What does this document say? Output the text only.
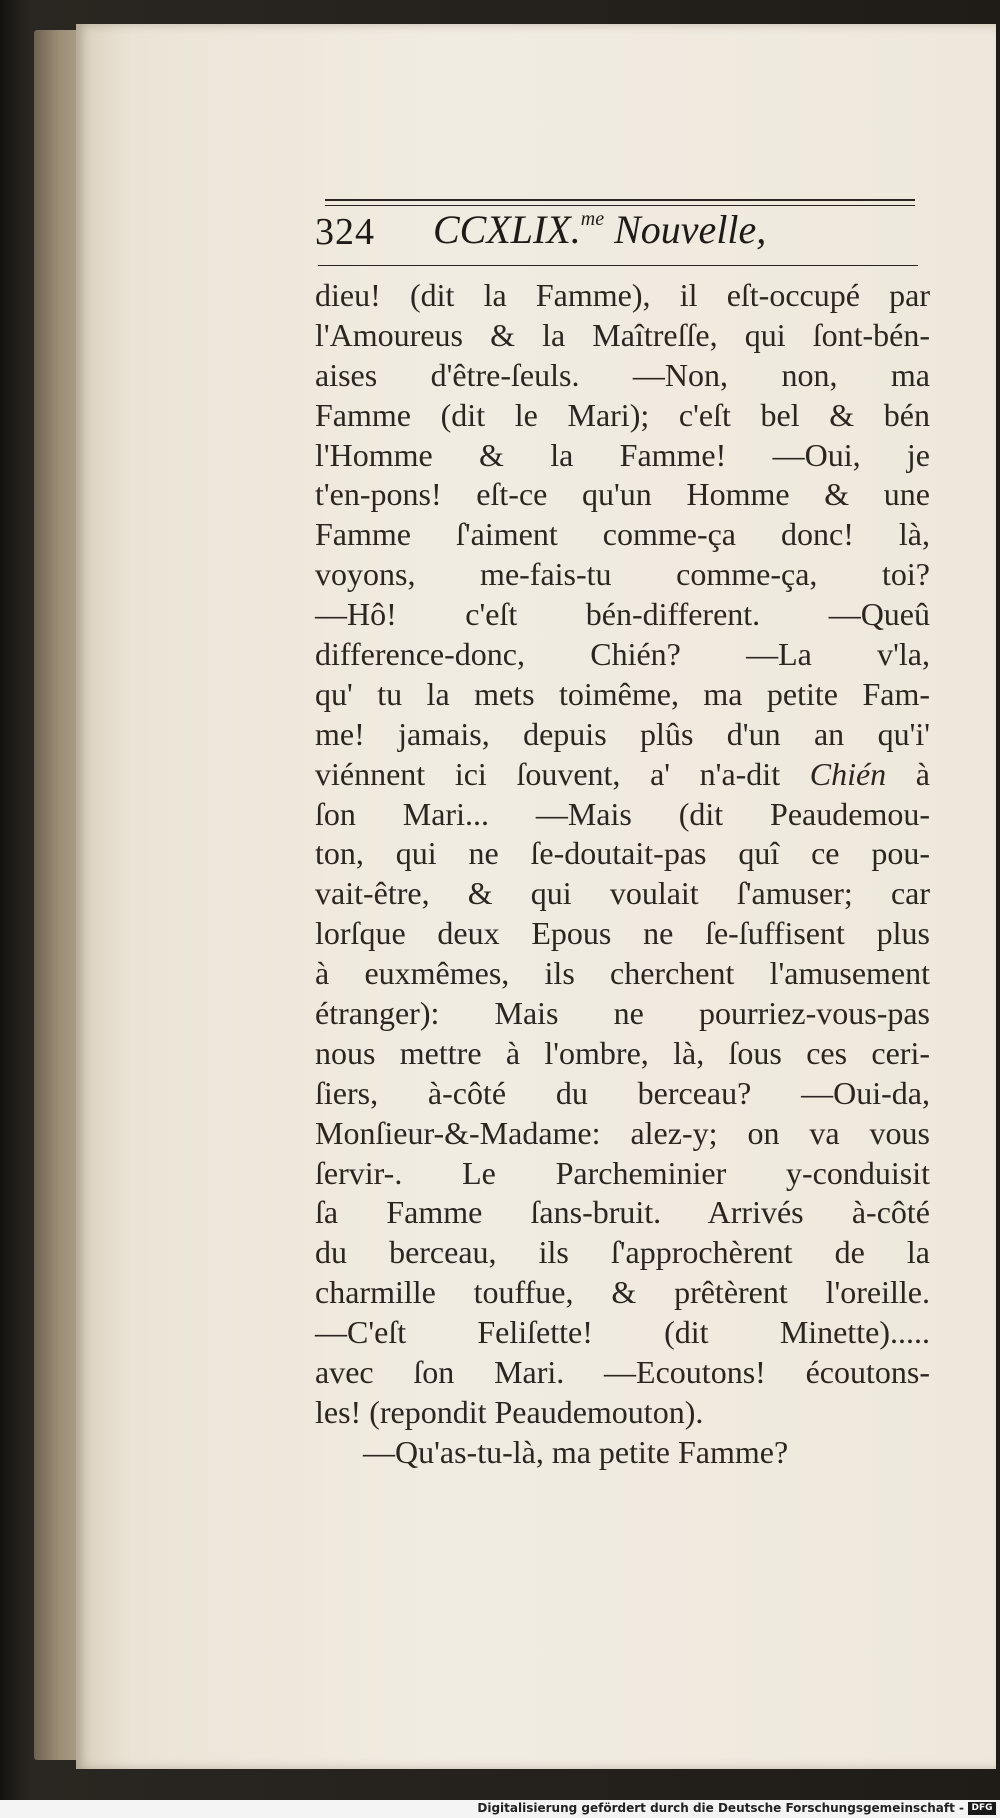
324 CCXLIX.$^{me}$ Nouvelle,
dieu! (dit la Famme), il eſt-occupé par
l'Amoureus & la Maîtreſſe, qui ſont-bén-
aises d'être-ſeuls. —Non, non, ma
Famme (dit le Mari); c'eſt bel & bén
l'Homme & la Famme! —Oui, je
t'en-pons! eſt-ce qu'un Homme & une
Famme ſ'aiment comme-ça donc! là,
voyons, me-fais-tu comme-ça, toi?
—Hô! c'eſt bén-different. —Queû
difference-donc, Chién? —La v'la,
qu' tu la mets toimême, ma petite Fam-
me! jamais, depuis plûs d'un an qu'i'
viénnent ici ſouvent, a' n'a-dit Chién à
ſon Mari... —Mais (dit Peaudemou-
ton, qui ne ſe-doutait-pas quî ce pou-
vait-être, & qui voulait ſ'amuser; car
lorſque deux Epous ne ſe-ſuffisent plus
à euxmêmes, ils cherchent l'amusement
étranger): Mais ne pourriez-vous-pas
nous mettre à l'ombre, là, ſous ces ceri-
ſiers, à-côté du berceau? —Oui-da,
Monſieur-&-Madame: alez-y; on va vous
ſervir-. Le Parcheminier y-conduisit
ſa Famme ſans-bruit. Arrivés à-côté
du berceau, ils ſ'approchèrent de la
charmille touffue, & prêtèrent l'oreille.
—C'eſt Feliſette! (dit Minette).....
avec ſon Mari. —Ecoutons! écoutons-
les! (repondit Peaudemouton).
—Qu'as-tu-là, ma petite Famme?
Digitalisierung gefördert durch die Deutsche Forschungsgemeinschaft - DFG
